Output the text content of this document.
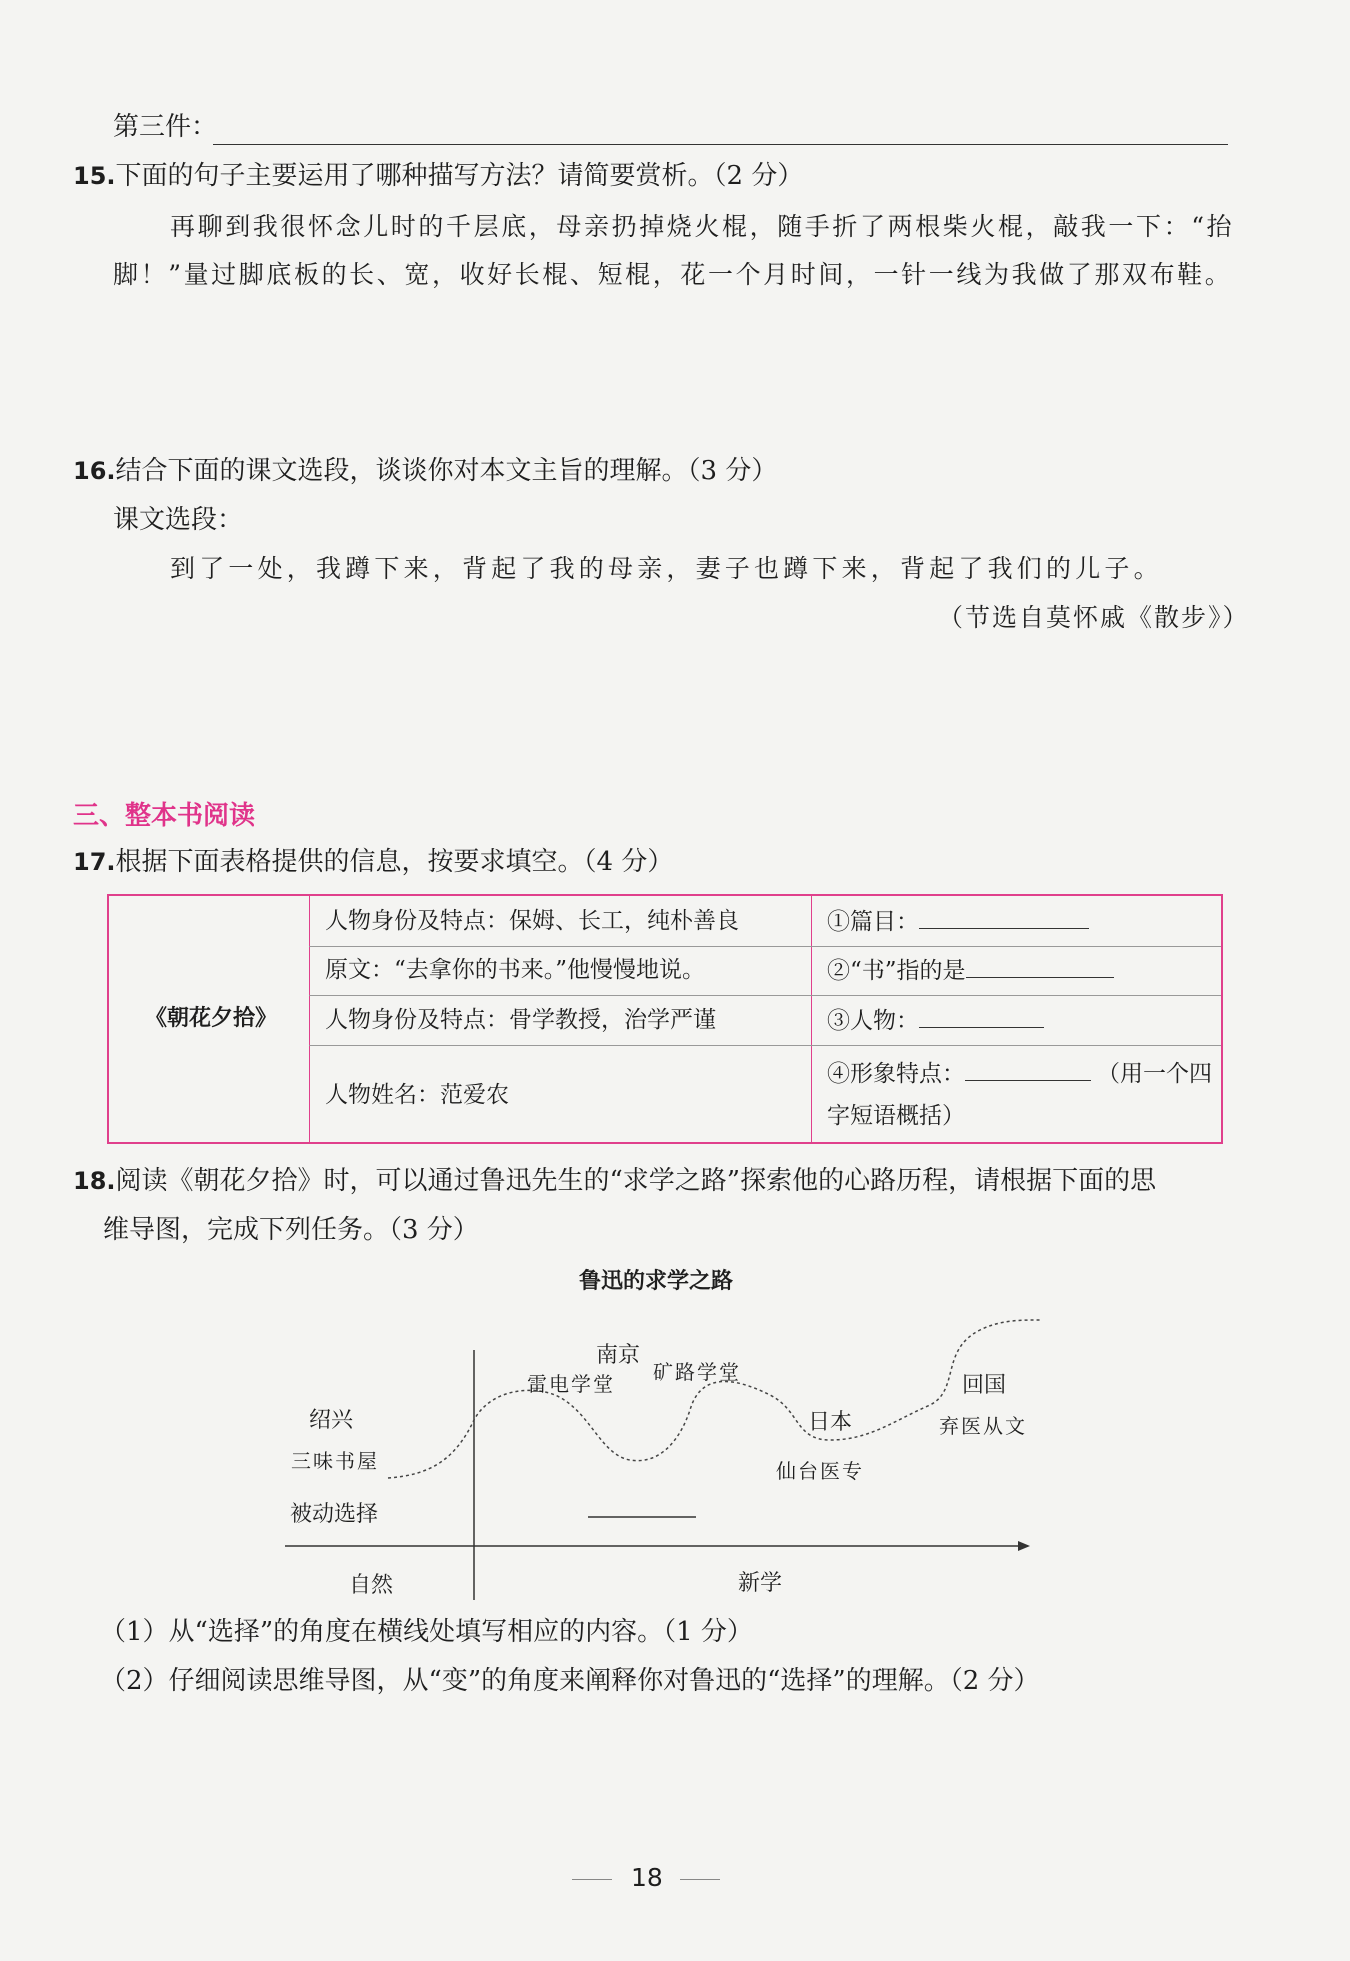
第三件：
15.下面的句子主要运用了哪种描写方法？请简要赏析。（2 分）
再聊到我很怀念儿时的千层底，母亲扔掉烧火棍，随手折了两根柴火棍，敲我一下：“抬
脚！”量过脚底板的长、宽，收好长棍、短棍，花一个月时间，一针一线为我做了那双布鞋。
16.结合下面的课文选段，谈谈你对本文主旨的理解。（3 分）
课文选段：
到了一处，我蹲下来，背起了我的母亲，妻子也蹲下来，背起了我们的儿子。
（节选自莫怀戚《散步》）
三、整本书阅读
17.根据下面表格提供的信息，按要求填空。（4 分）
《朝花夕拾》
人物身份及特点：保姆、长工，纯朴善良
原文：“去拿你的书来。”他慢慢地说。
人物身份及特点：骨学教授，治学严谨
人物姓名：范爱农
①篇目：
②“书”指的是
③人物：
④形象特点：	（用一个四
字短语概括）
18.阅读《朝花夕拾》时，可以通过鲁迅先生的“求学之路”探索他的心路历程，请根据下面的思
维导图，完成下列任务。（3 分）
鲁迅的求学之路
绍兴
三味书屋
被动选择
南京
雷电学堂 矿路学堂
日本
仙台医专
回国
弃医从文
自然	新学
（1）从“选择”的角度在横线处填写相应的内容。（1 分）
（2）仔细阅读思维导图，从“变”的角度来阐释你对鲁迅的“选择”的理解。（2 分）
18
